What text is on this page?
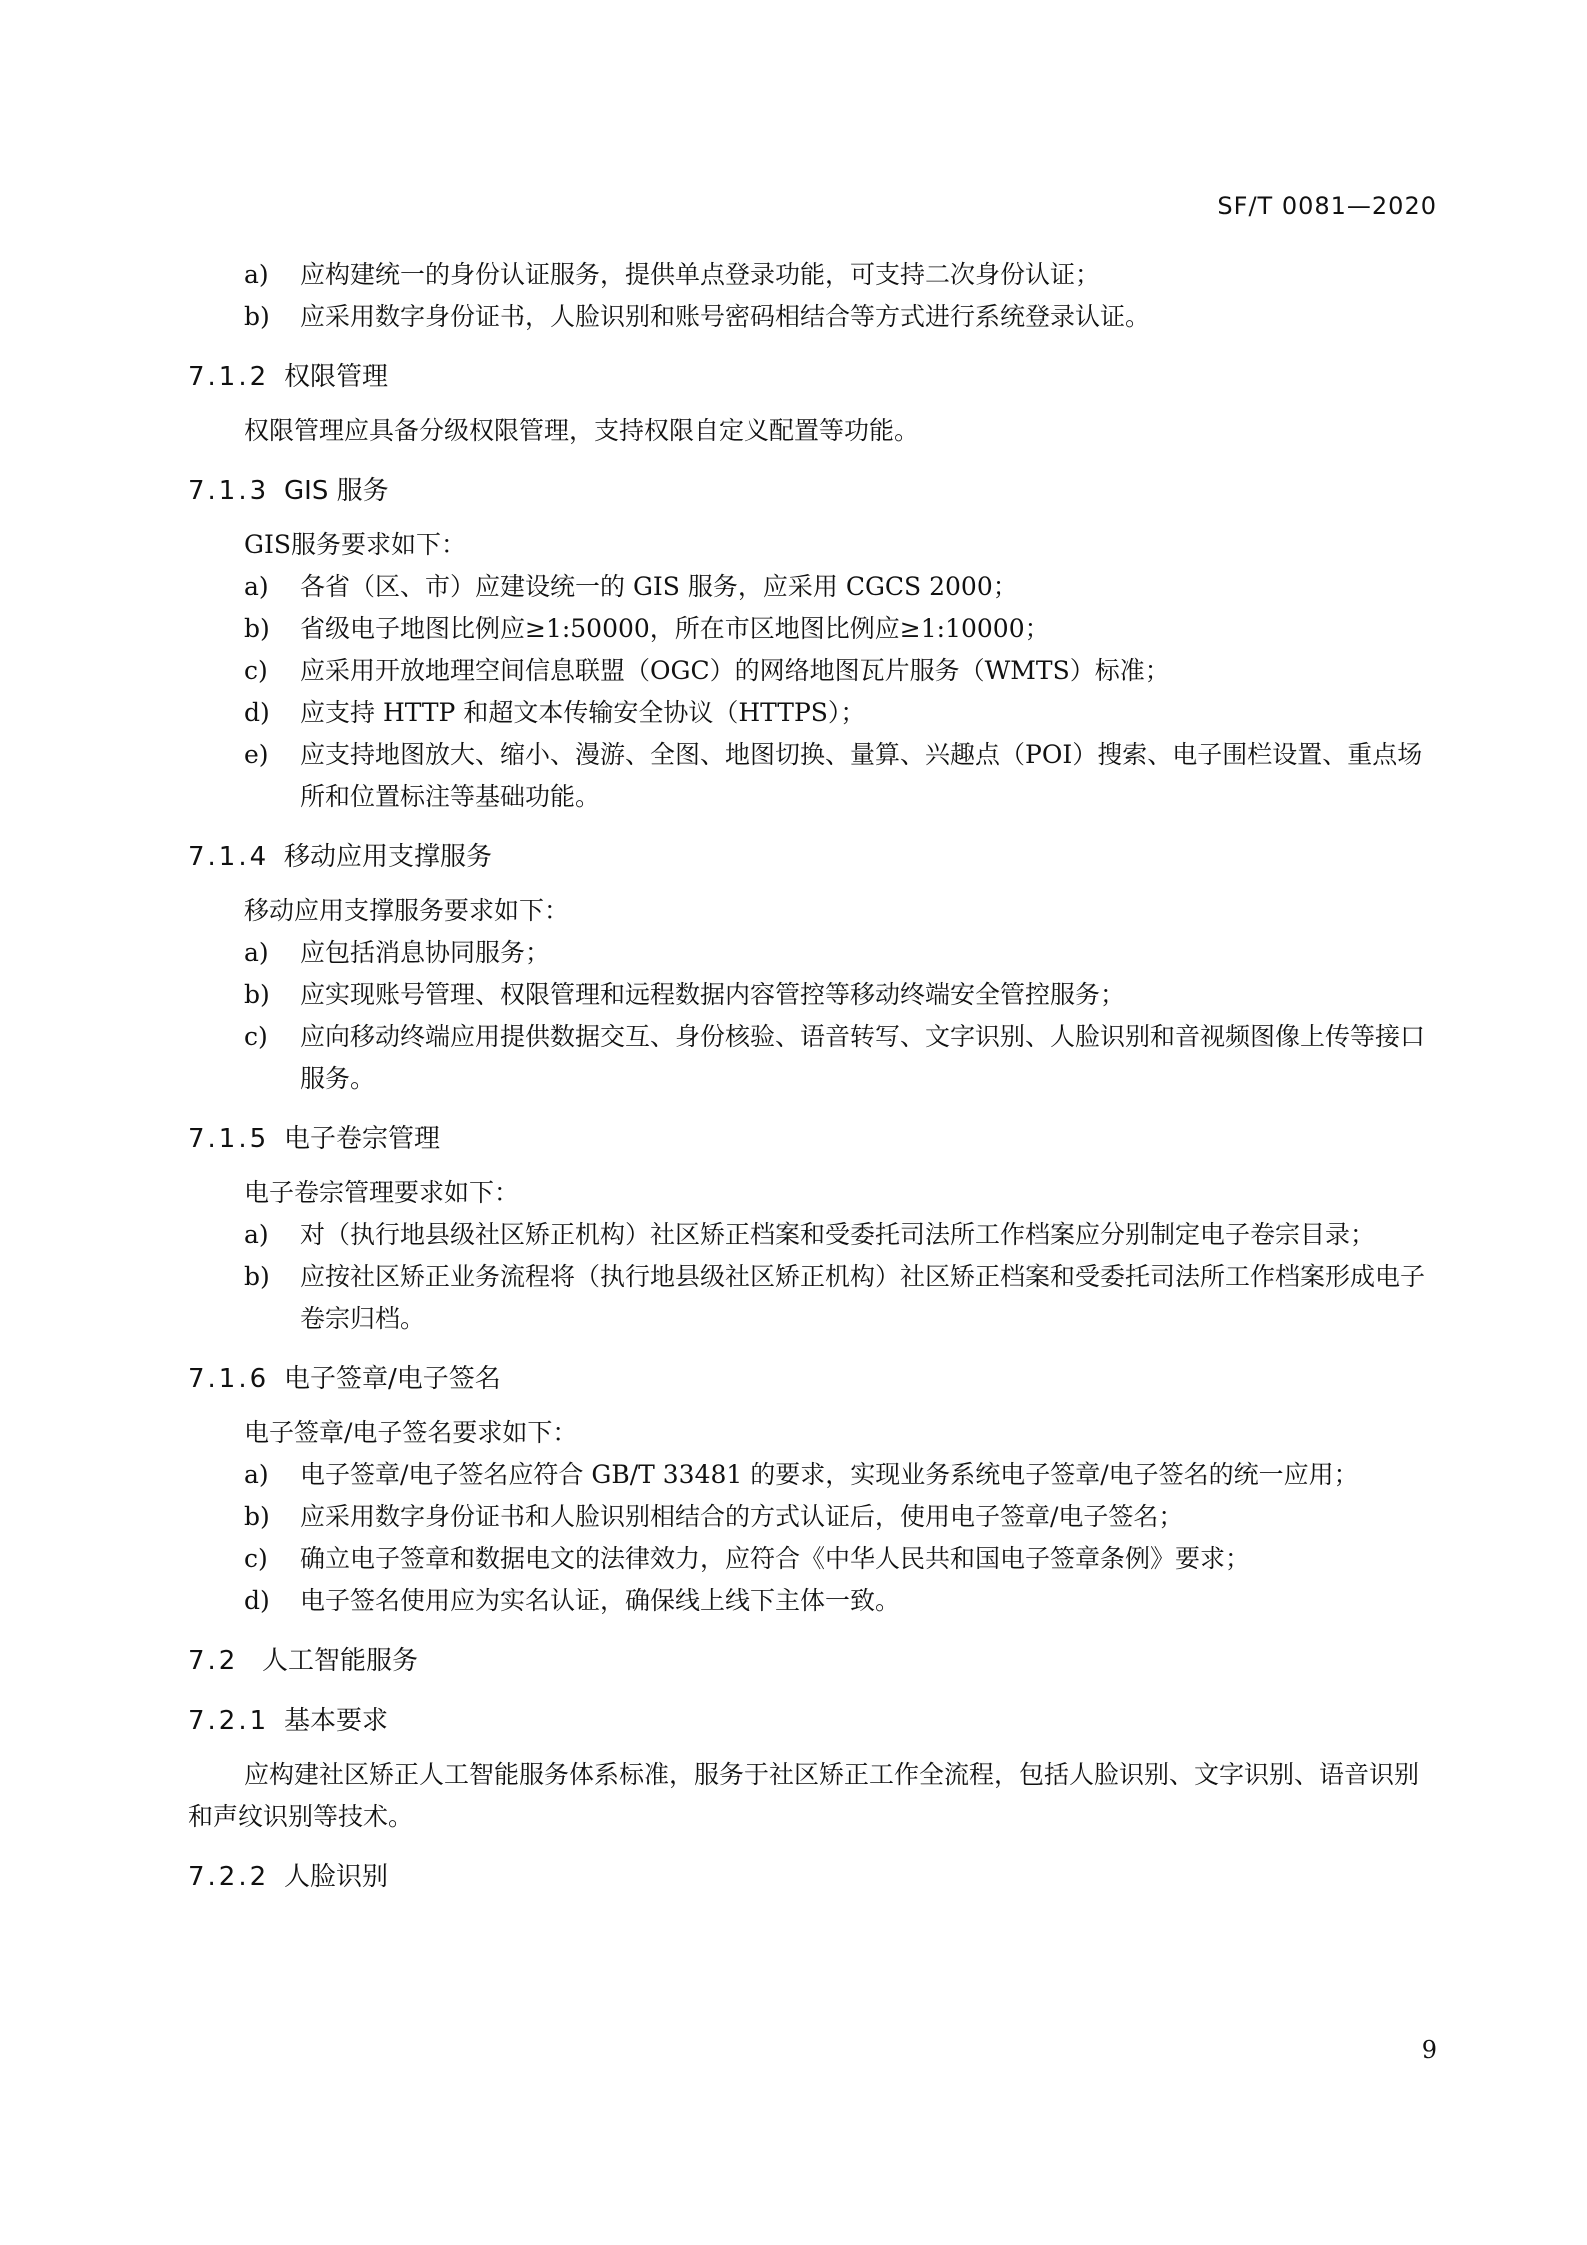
SF/T 0081—2020
a) 应构建统一的身份认证服务，提供单点登录功能，可支持二次身份认证；
b) 应采用数字身份证书，人脸识别和账号密码相结合等方式进行系统登录认证。
7.1.2 权限管理
权限管理应具备分级权限管理，支持权限自定义配置等功能。
7.1.3 GIS 服务
GIS服务要求如下：
a) 各省（区、市）应建设统一的 GIS 服务，应采用 CGCS 2000；
b) 省级电子地图比例应≥1:50000，所在市区地图比例应≥1:10000；
c) 应采用开放地理空间信息联盟（OGC）的网络地图瓦片服务（WMTS）标准；
d) 应支持 HTTP 和超文本传输安全协议（HTTPS）；
e) 应支持地图放大、缩小、漫游、全图、地图切换、量算、兴趣点（POI）搜索、电子围栏设置、重点场所和位置标注等基础功能。
7.1.4 移动应用支撑服务
移动应用支撑服务要求如下：
a) 应包括消息协同服务；
b) 应实现账号管理、权限管理和远程数据内容管控等移动终端安全管控服务；
c) 应向移动终端应用提供数据交互、身份核验、语音转写、文字识别、人脸识别和音视频图像上传等接口服务。
7.1.5 电子卷宗管理
电子卷宗管理要求如下：
a) 对（执行地县级社区矫正机构）社区矫正档案和受委托司法所工作档案应分别制定电子卷宗目录；
b) 应按社区矫正业务流程将（执行地县级社区矫正机构）社区矫正档案和受委托司法所工作档案形成电子卷宗归档。
7.1.6 电子签章/电子签名
电子签章/电子签名要求如下：
a) 电子签章/电子签名应符合 GB/T 33481 的要求，实现业务系统电子签章/电子签名的统一应用；
b) 应采用数字身份证书和人脸识别相结合的方式认证后，使用电子签章/电子签名；
c) 确立电子签章和数据电文的法律效力，应符合《中华人民共和国电子签章条例》要求；
d) 电子签名使用应为实名认证，确保线上线下主体一致。
7.2 人工智能服务
7.2.1 基本要求
应构建社区矫正人工智能服务体系标准，服务于社区矫正工作全流程，包括人脸识别、文字识别、语音识别和声纹识别等技术。
7.2.2 人脸识别
9
